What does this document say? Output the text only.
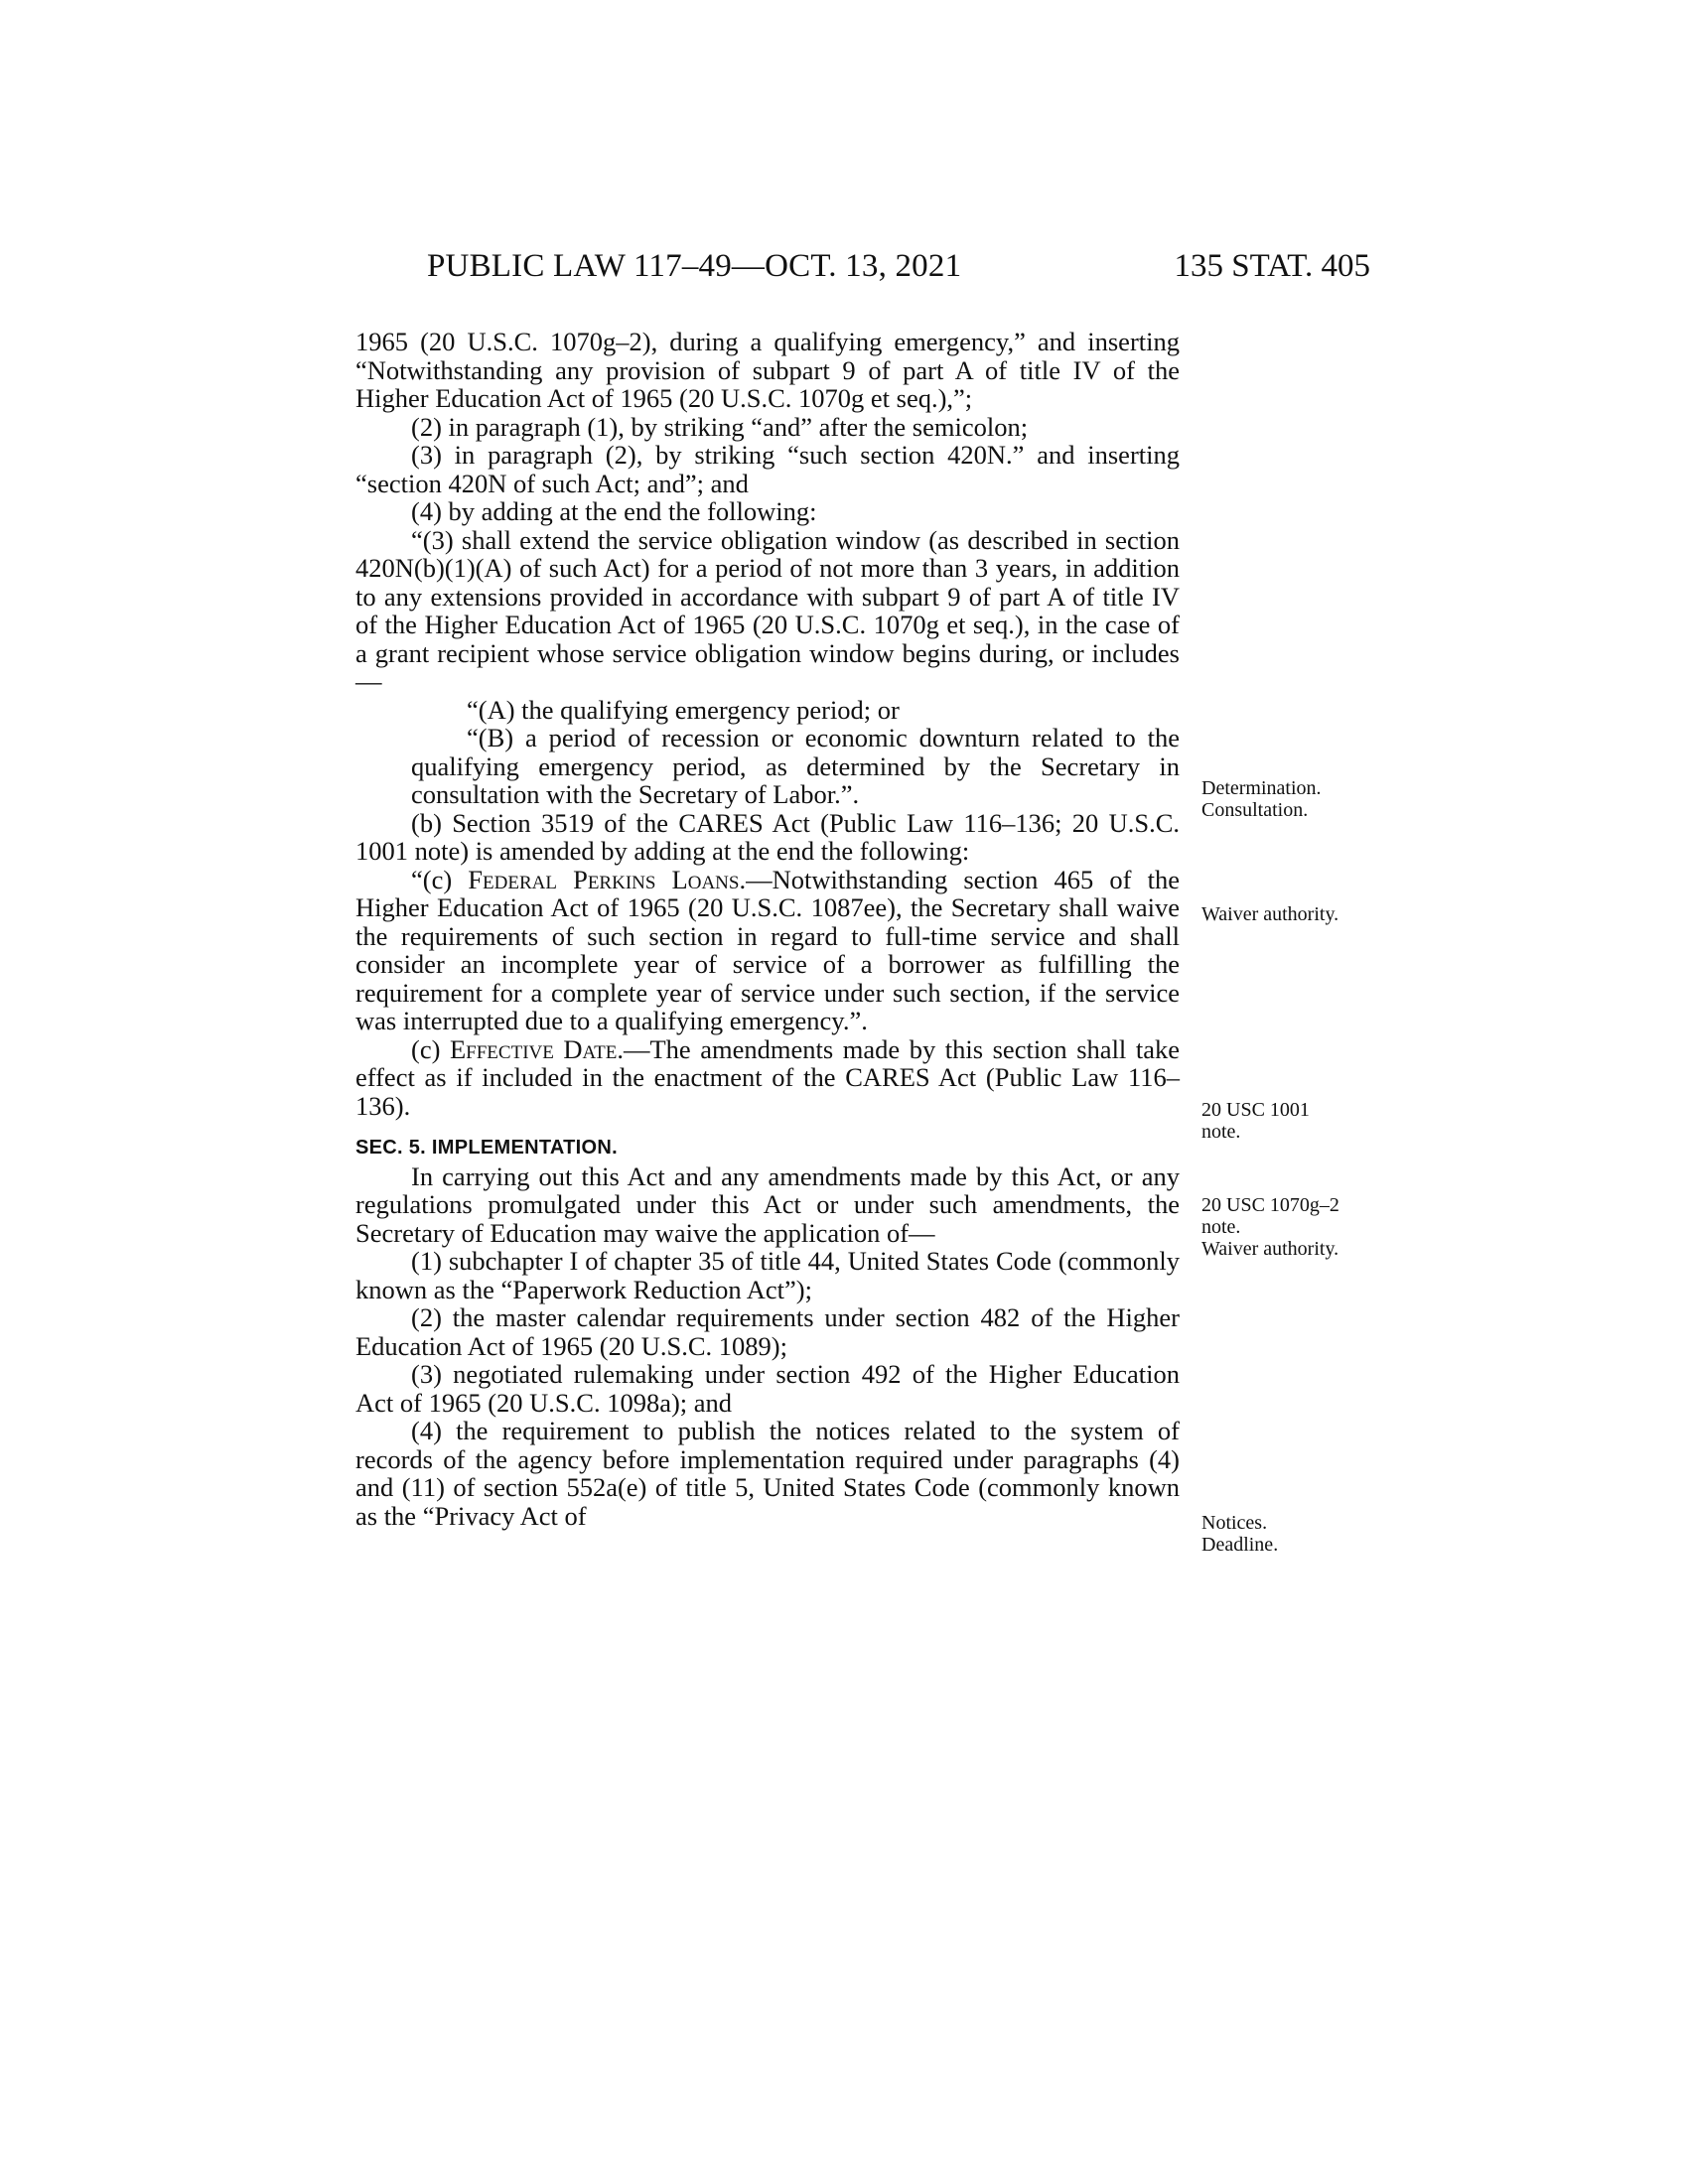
PUBLIC LAW 117–49—OCT. 13, 2021	135 STAT. 405

1965 (20 U.S.C. 1070g–2), during a qualifying emergency,” and inserting “Notwithstanding any provision of subpart 9 of part A of title IV of the Higher Education Act of 1965 (20 U.S.C. 1070g et seq.),”;

(2) in paragraph (1), by striking “and” after the semicolon;

(3) in paragraph (2), by striking “such section 420N.” and inserting “section 420N of such Act; and”; and

(4) by adding at the end the following:

“(3) shall extend the service obligation window (as described in section 420N(b)(1)(A) of such Act) for a period of not more than 3 years, in addition to any extensions provided in accordance with subpart 9 of part A of title IV of the Higher Education Act of 1965 (20 U.S.C. 1070g et seq.), in the case of a grant recipient whose service obligation window begins during, or includes—

“(A) the qualifying emergency period; or

“(B) a period of recession or economic downturn related to the qualifying emergency period, as determined by the Secretary in consultation with the Secretary of Labor.”.

(b) Section 3519 of the CARES Act (Public Law 116–136; 20 U.S.C. 1001 note) is amended by adding at the end the following:

“(c) Federal Perkins Loans.—Notwithstanding section 465 of the Higher Education Act of 1965 (20 U.S.C. 1087ee), the Secretary shall waive the requirements of such section in regard to full-time service and shall consider an incomplete year of service of a borrower as fulfilling the requirement for a complete year of service under such section, if the service was interrupted due to a qualifying emergency.”.

(c) Effective Date.—The amendments made by this section shall take effect as if included in the enactment of the CARES Act (Public Law 116–136).

SEC. 5. IMPLEMENTATION.

In carrying out this Act and any amendments made by this Act, or any regulations promulgated under this Act or under such amendments, the Secretary of Education may waive the application of—

(1) subchapter I of chapter 35 of title 44, United States Code (commonly known as the “Paperwork Reduction Act”);

(2) the master calendar requirements under section 482 of the Higher Education Act of 1965 (20 U.S.C. 1089);

(3) negotiated rulemaking under section 492 of the Higher Education Act of 1965 (20 U.S.C. 1098a); and

(4) the requirement to publish the notices related to the system of records of the agency before implementation required under paragraphs (4) and (11) of section 552a(e) of title 5, United States Code (commonly known as the “Privacy Act of

Determination.
Consultation.
Waiver authority.
20 USC 1001
note.
20 USC 1070g–2
note.
Waiver authority.
Notices.
Deadline.
